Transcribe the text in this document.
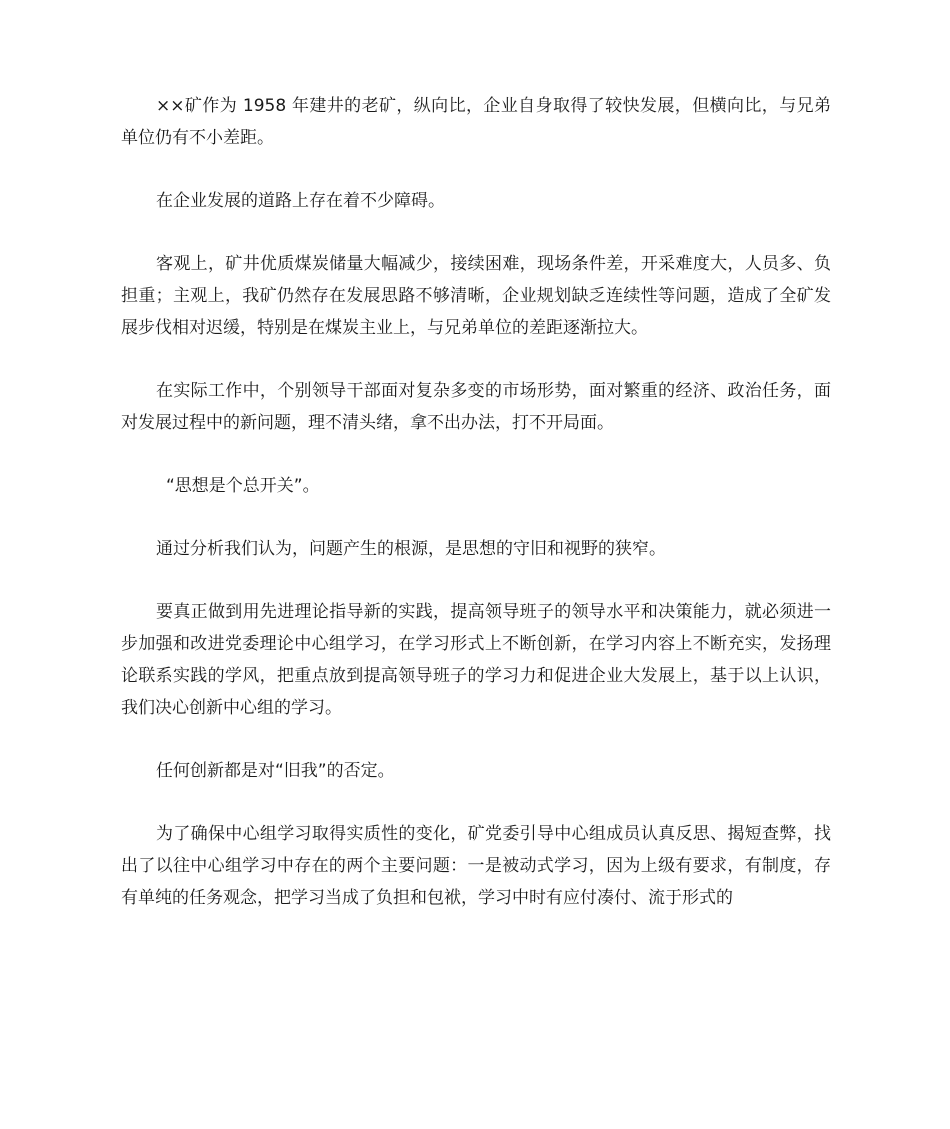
××矿作为 1958 年建井的老矿，纵向比，企业自身取得了较快发展，但横向比，与兄弟单位仍有不小差距。

在企业发展的道路上存在着不少障碍。

客观上，矿井优质煤炭储量大幅减少，接续困难，现场条件差，开采难度大，人员多、负担重；主观上，我矿仍然存在发展思路不够清晰，企业规划缺乏连续性等问题，造成了全矿发展步伐相对迟缓，特别是在煤炭主业上，与兄弟单位的差距逐渐拉大。

在实际工作中，个别领导干部面对复杂多变的市场形势，面对繁重的经济、政治任务，面对发展过程中的新问题，理不清头绪，拿不出办法，打不开局面。

“思想是个总开关”。

通过分析我们认为，问题产生的根源，是思想的守旧和视野的狭窄。

要真正做到用先进理论指导新的实践，提高领导班子的领导水平和决策能力，就必须进一步加强和改进党委理论中心组学习，在学习形式上不断创新，在学习内容上不断充实，发扬理论联系实践的学风，把重点放到提高领导班子的学习力和促进企业大发展上，基于以上认识，我们决心创新中心组的学习。

任何创新都是对“旧我”的否定。

为了确保中心组学习取得实质性的变化，矿党委引导中心组成员认真反思、揭短查弊，找出了以往中心组学习中存在的两个主要问题：一是被动式学习，因为上级有要求，有制度，存有单纯的任务观念，把学习当成了负担和包袱，学习中时有应付凑付、流于形式的
